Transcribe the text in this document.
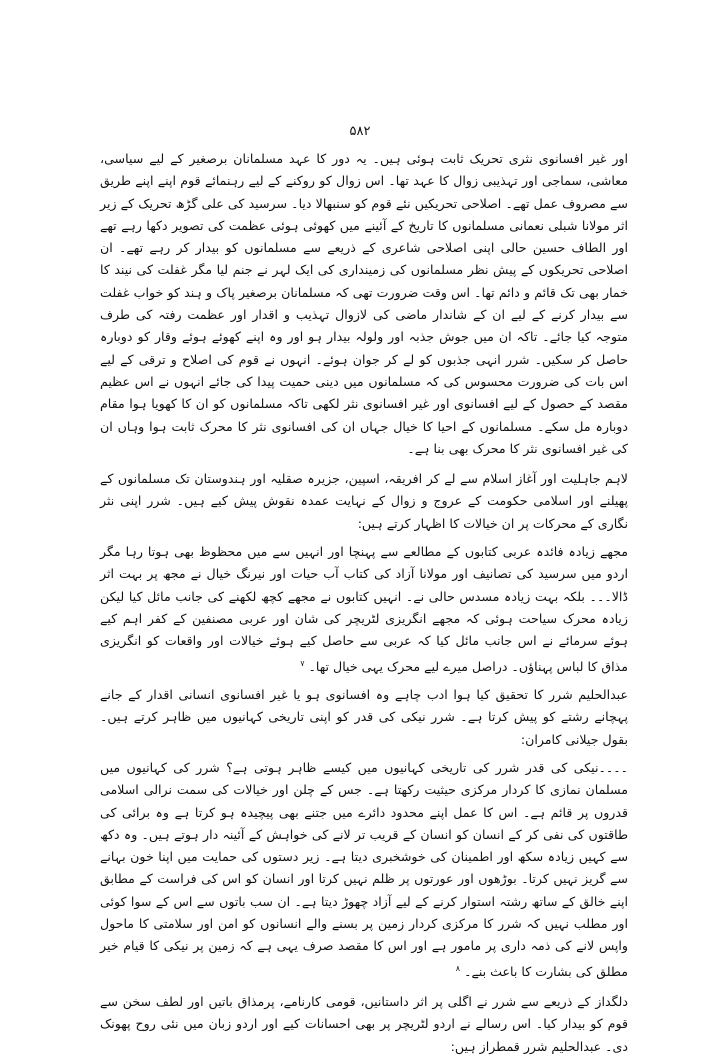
۵۸۲

اور غیر افسانوی نثری تحریک ثابت ہوئی ہیں۔ یہ دور کا عہد مسلمانان برصغیر کے لیے سیاسی، معاشی، سماجی اور تہذیبی زوال کا عہد تھا۔ اس زوال کو روکنے کے لیے رہنمائے قوم اپنے اپنے طریق سے مصروف عمل تھے۔ اصلاحی تحریکیں نئے قوم کو سنبھالا دیا۔ سرسید کی علی گڑھ تحریک کے زیر اثر مولانا شبلی نعمانی مسلمانوں کا تاریخ کے آئینے میں کھوئی ہوئی عظمت کی تصویر دکھا رہے تھے اور الطاف حسین حالی اپنی اصلاحی شاعری کے ذریعے سے مسلمانوں کو بیدار کر رہے تھے۔ ان اصلاحی تحریکوں کے پیش نظر مسلمانوں کی زمینداری کی ایک لہر نے جنم لیا مگر غفلت کی نیند کا خمار بھی تک قائم و دائم تھا۔ اس وقت ضرورت تھی کہ مسلمانان برصغیر پاک و ہند کو خواب غفلت سے بیدار کرنے کے لیے ان کے شاندار ماضی کی لازوال تہذیب و اقدار اور عظمت رفتہ کی طرف متوجہ کیا جائے۔ تاکہ ان میں جوش جذبہ اور ولولہ بیدار ہو اور وہ اپنے کھوئے ہوئے وقار کو دوبارہ حاصل کر سکیں۔ شرر انہی جذبوں کو لے کر جوان ہوئے۔ انہوں نے قوم کی اصلاح و ترقی کے لیے اس بات کی ضرورت محسوس کی کہ مسلمانوں میں دینی حمیت پیدا کی جائے انہوں نے اس عظیم مقصد کے حصول کے لیے افسانوی اور غیر افسانوی نثر لکھی تاکہ مسلمانوں کو ان کا کھویا ہوا مقام دوبارہ مل سکے۔ مسلمانوں کے احیا کا خیال جہاں ان کی افسانوی نثر کا محرک ثابت ہوا وہاں ان کی غیر افسانوی نثر کا محرک بھی بنا ہے۔

لاہم جاہلیت اور آغاز اسلام سے لے کر افریقہ، اسپین، جزیرہ صقلیہ اور ہندوستان تک مسلمانوں کے پھیلنے اور اسلامی حکومت کے عروج و زوال کے نہایت عمدہ نقوش پیش کیے ہیں۔ شرر اپنی نثر نگاری کے محرکات پر ان خیالات کا اظہار کرتے ہیں:

مجھے زیادہ فائدہ عربی کتابوں کے مطالعے سے پہنچا اور انہیں سے میں محظوظ بھی ہوتا رہا مگر اردو میں سرسید کی تصانیف اور مولانا آزاد کی کتاب آب حیات اور نیرنگ خیال نے مجھ پر بہت اثر ڈالا۔۔۔ بلکہ بہت زیادہ مسدس حالی نے۔ انہیں کتابوں نے مجھے کچھ لکھنے کی جانب مائل کیا لیکن زیادہ محرک سیاحت ہوئی کہ مجھے انگریزی لٹریچر کی شان اور عربی مصنفین کے کفر اہم کیے ہوئے سرمائے نے اس جانب مائل کیا کہ عربی سے حاصل کیے ہوئے خیالات اور واقعات کو انگریزی مذاق کا لباس پہناؤں۔ دراصل میرے لیے محرک یہی خیال تھا۔ $^۷$

عبدالحلیم شرر کا تحقیق کیا ہوا ادب چاہے وہ افسانوی ہو یا غیر افسانوی انسانی اقدار کے جانے پہچانے رشتے کو پیش کرتا ہے۔ شرر نیکی کی قدر کو اپنی تاریخی کہانیوں میں ظاہر کرتے ہیں۔ بقول جیلانی کامران:

۔۔۔۔نیکی کی قدر شرر کی تاریخی کہانیوں میں کیسے ظاہر ہوتی ہے؟ شرر کی کہانیوں میں مسلمان نمازی کا کردار مرکزی حیثیت رکھتا ہے۔ جس کے چلن اور خیالات کی سمت نرالی اسلامی قدروں پر قائم ہے۔ اس کا عمل اپنے محدود دائرے میں جتنے بھی پیچیدہ ہو کرتا ہے وہ برائی کی طاقتوں کی نفی کر کے انسان کو انسان کے قریب تر لانے کی خواہش کے آئینہ دار ہوتے ہیں۔ وہ دکھ سے کہیں زیادہ سکھ اور اطمینان کی خوشخبری دیتا ہے۔ زیر دستوں کی حمایت میں اپنا خون بہانے سے گریز نہیں کرتا۔ بوڑھوں اور عورتوں پر ظلم نہیں کرتا اور انسان کو اس کی فراست کے مطابق اپنے خالق کے ساتھ رشتہ استوار کرنے کے لیے آزاد چھوڑ دیتا ہے۔ ان سب باتوں سے اس کے سوا کوئی اور مطلب نہیں کہ شرر کا مرکزی کردار زمین پر بسنے والے انسانوں کو امن اور سلامتی کا ماحول واپس لانے کی ذمہ داری پر مامور ہے اور اس کا مقصد صرف یہی ہے کہ زمین پر نیکی کا قیام خیر مطلق کی بشارت کا باعث بنے۔ $^۸$

دلگداز کے ذریعے سے شرر نے اگلی پر اثر داستانیں، قومی کارنامے، پرمذاق باتیں اور لطف سخن سے قوم کو بیدار کیا۔ اس رسالے نے اردو لٹریچر پر بھی احسانات کیے اور اردو زبان میں نئی روح پھونک دی۔ عبدالحلیم شرر قمطراز ہیں:
